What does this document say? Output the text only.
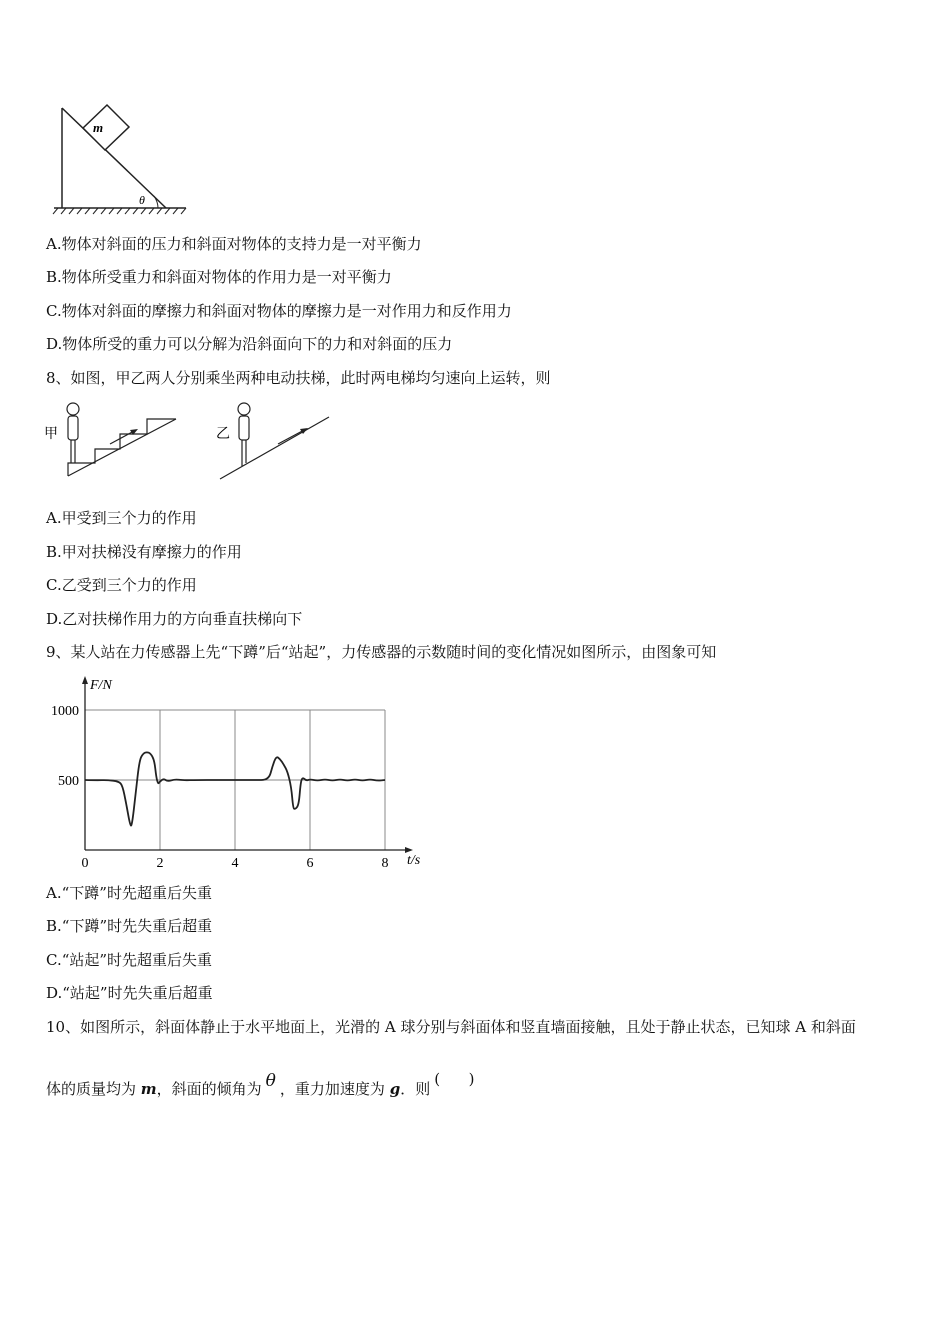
m
θ
A.物体对斜面的压力和斜面对物体的支持力是一对平衡力
B.物体所受重力和斜面对物体的作用力是一对平衡力
C.物体对斜面的摩擦力和斜面对物体的摩擦力是一对作用力和反作用力
D.物体所受的重力可以分解为沿斜面向下的力和对斜面的压力
8、如图，甲乙两人分别乘坐两种电动扶梯，此时两电梯均匀速向上运转，则
甲	乙
A.甲受到三个力的作用
B.甲对扶梯没有摩擦力的作用
C.乙受到三个力的作用
D.乙对扶梯作用力的方向垂直扶梯向下
9、某人站在力传感器上先“下蹲”后“站起”，力传感器的示数随时间的变化情况如图所示，由图象可知
0	2	4	6	8
500
1000
t/s
F/N
A.“下蹲”时先超重后失重
B.“下蹲”时先失重后超重
C.“站起”时先超重后失重
D.“站起”时先失重后超重
10、如图所示，斜面体静止于水平地面上，光滑的 A 球分别与斜面体和竖直墙面接触，且处于静止状态，已知球 A 和斜面
体的质量均为 m，斜面的倾角为 θ ，重力加速度为 g．则(      )
